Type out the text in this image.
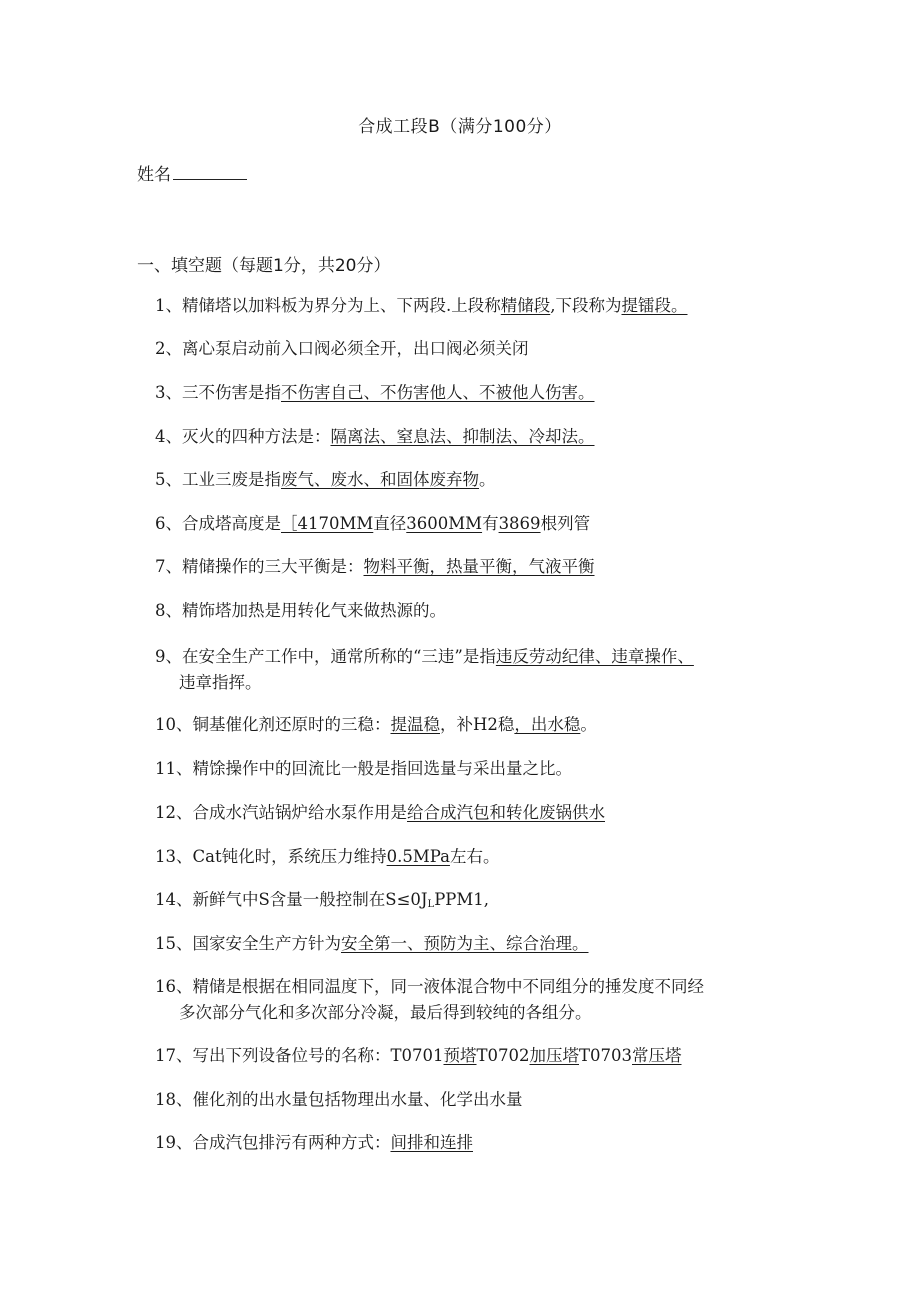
合成工段B（满分100分）
姓名
一、填空题（每题1分，共20分）
1、精储塔以加料板为界分为上、下两段.上段称精储段,下段称为提镭段。
2、离心泵启动前入口阀必须全开，出口阀必须关闭
3、三不伤害是指不伤害自己、不伤害他人、不被他人伤害。
4、灭火的四种方法是：隔离法、窒息法、抑制法、冷却法。
5、工业三废是指废气、废水、和固体废弃物。
6、合成塔高度是［4170MM直径3600MM有3869根列管
7、精储操作的三大平衡是：物料平衡，热量平衡，气液平衡
8、精饰塔加热是用转化气来做热源的。
9、在安全生产工作中，通常所称的“三违”是指违反劳动纪律、违章操作、
违章指挥。
10、铜基催化剂还原时的三稳：提温稳，补H2稳，出水稳。
11、精馀操作中的回流比一般是指回选量与采出量之比。
12、合成水汽站锅炉给水泵作用是给合成汽包和转化废锅供水
13、Cat钝化时，系统压力维持0.5MPa左右。
14、新鲜气中S含量一般控制在$S\le 0J_LPPM1$,
15、国家安全生产方针为安全第一、预防为主、综合治理。
16、精储是根据在相同温度下，同一液体混合物中不同组分的捶发度不同经
多次部分气化和多次部分冷凝，最后得到较纯的各组分。
17、写出下列设备位号的名称：T0701预塔T0702加压塔T0703常压塔
18、催化剂的出水量包括物理出水量、化学出水量
19、合成汽包排污有两种方式：间排和连排
